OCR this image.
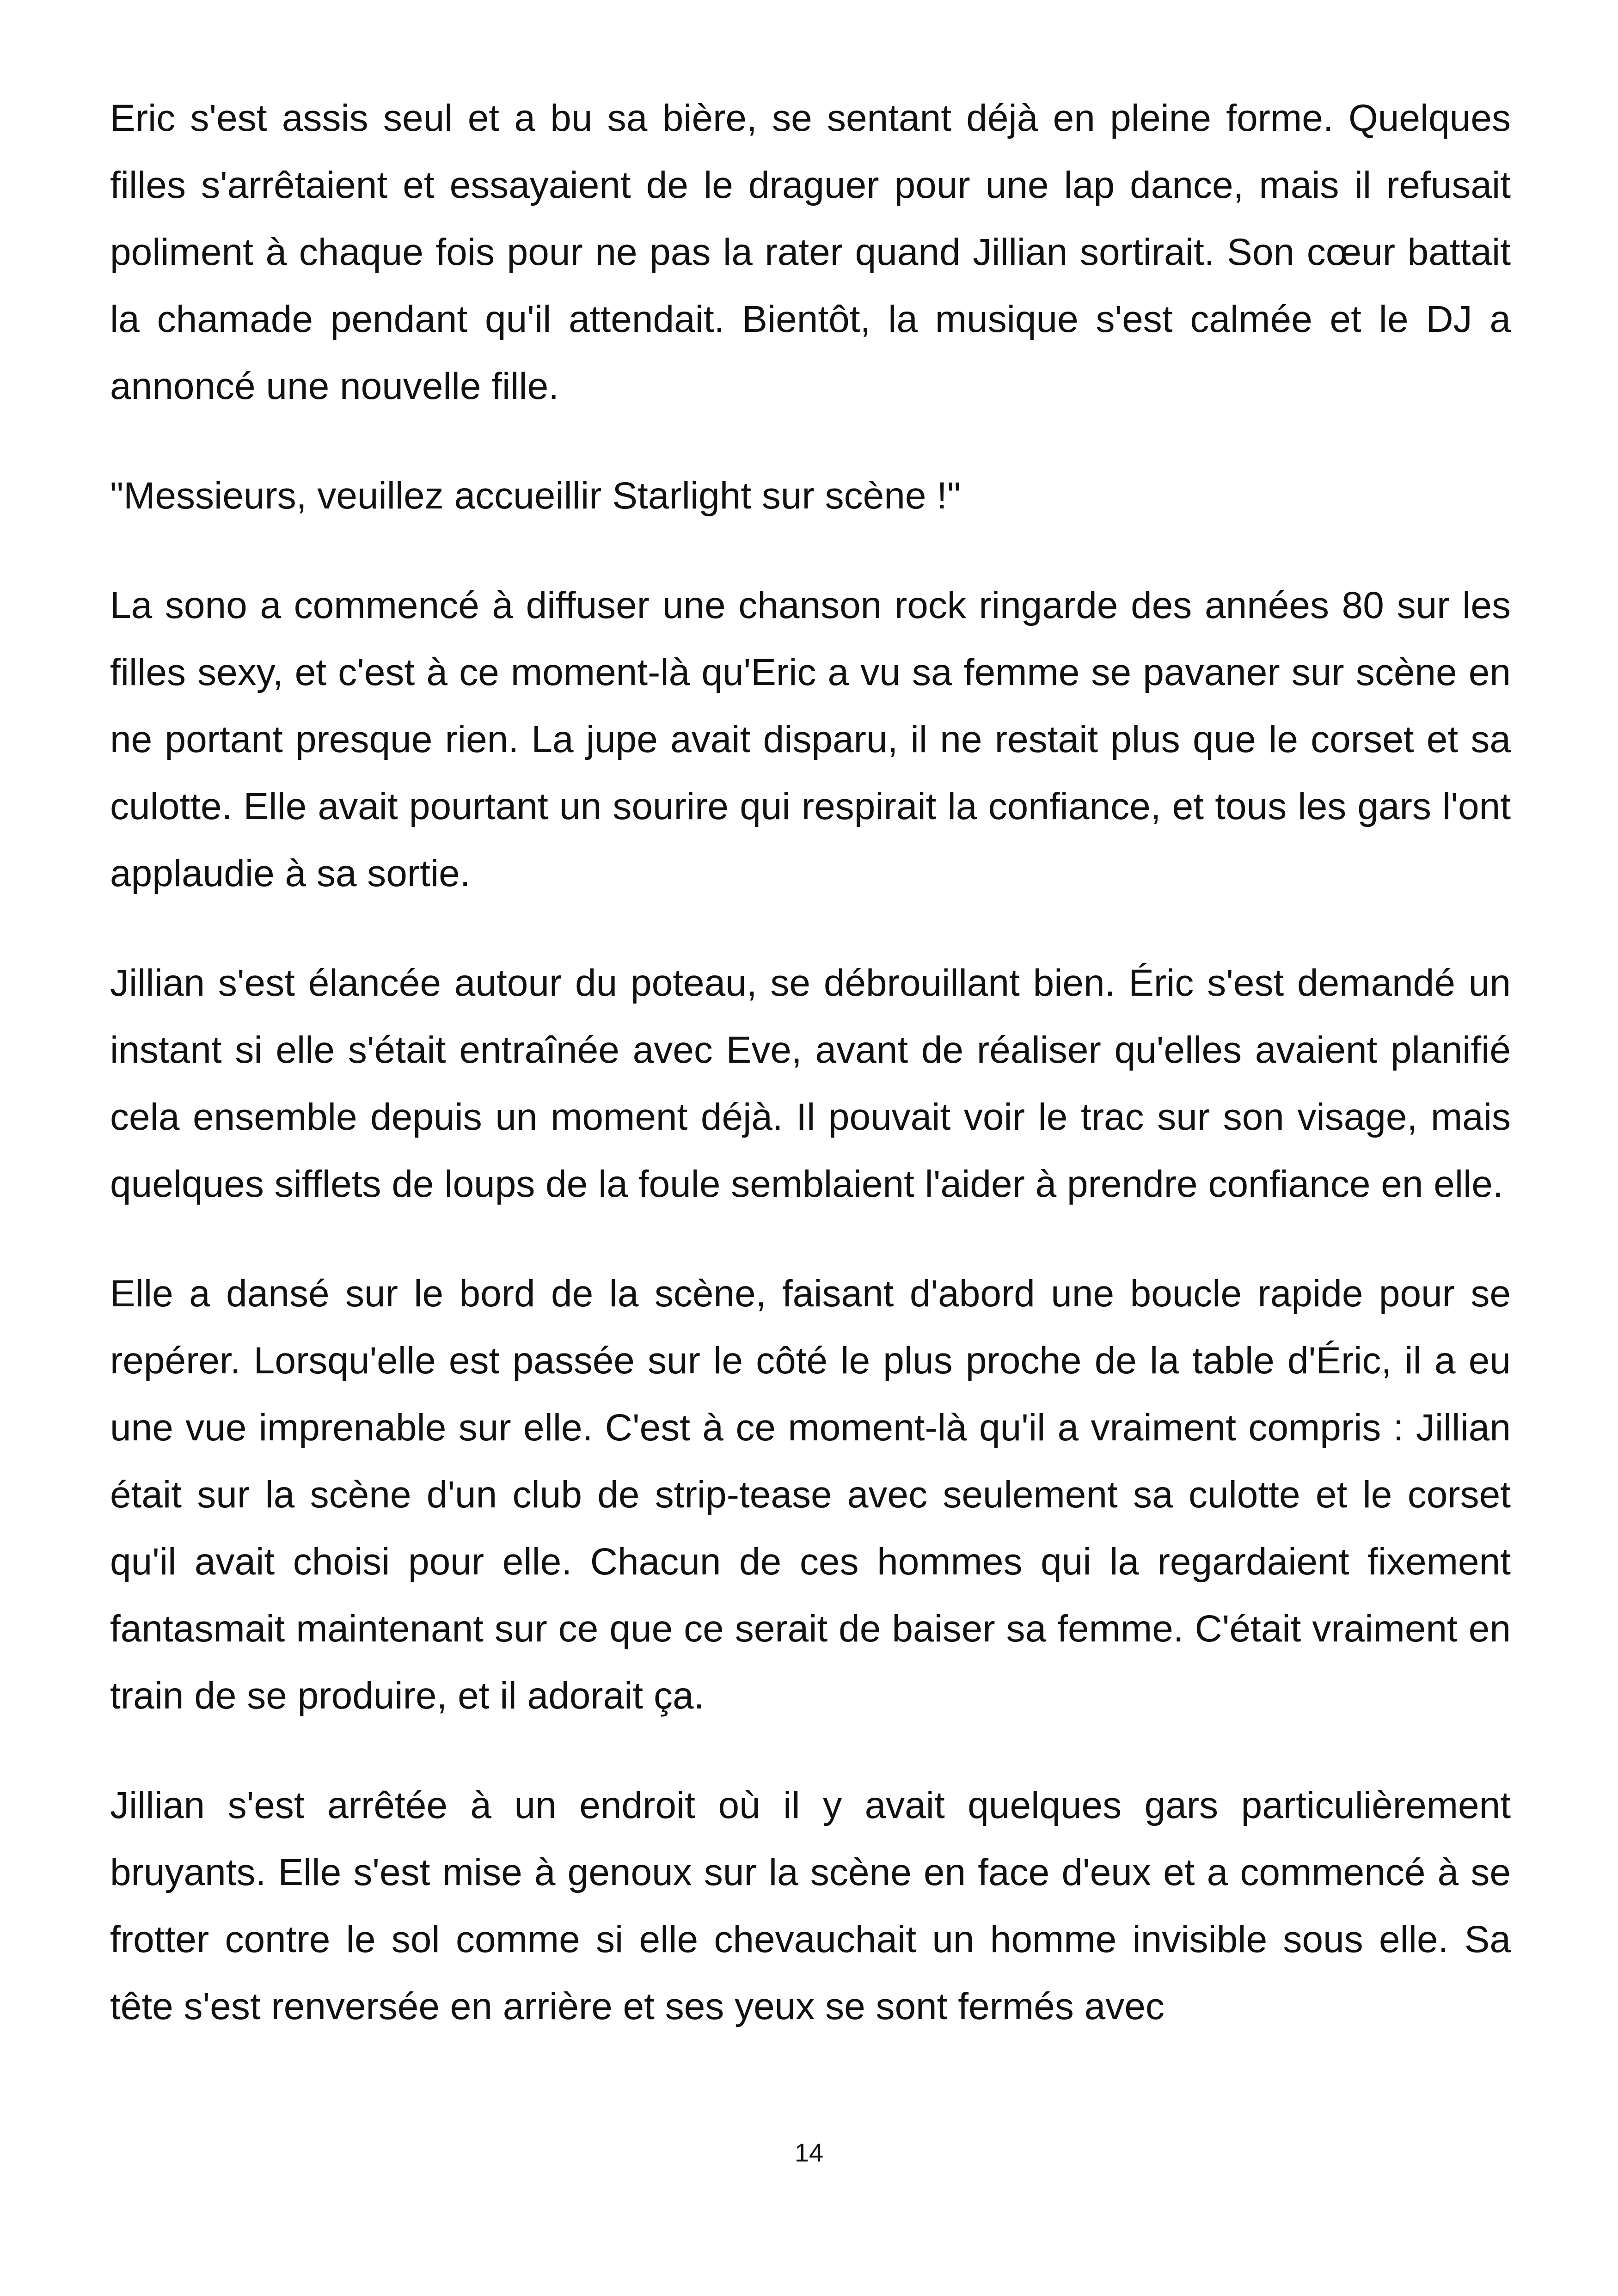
Eric s'est assis seul et a bu sa bière, se sentant déjà en pleine forme. Quelques filles s'arrêtaient et essayaient de le draguer pour une lap dance, mais il refusait poliment à chaque fois pour ne pas la rater quand Jillian sortirait. Son cœur battait la chamade pendant qu'il attendait. Bientôt, la musique s'est calmée et le DJ a annoncé une nouvelle fille.

"Messieurs, veuillez accueillir Starlight sur scène !"

La sono a commencé à diffuser une chanson rock ringarde des années 80 sur les filles sexy, et c'est à ce moment-là qu'Eric a vu sa femme se pavaner sur scène en ne portant presque rien. La jupe avait disparu, il ne restait plus que le corset et sa culotte. Elle avait pourtant un sourire qui respirait la confiance, et tous les gars l'ont applaudie à sa sortie.

Jillian s'est élancée autour du poteau, se débrouillant bien. Éric s'est demandé un instant si elle s'était entraînée avec Eve, avant de réaliser qu'elles avaient planifié cela ensemble depuis un moment déjà. Il pouvait voir le trac sur son visage, mais quelques sifflets de loups de la foule semblaient l'aider à prendre confiance en elle.

Elle a dansé sur le bord de la scène, faisant d'abord une boucle rapide pour se repérer. Lorsqu'elle est passée sur le côté le plus proche de la table d'Éric, il a eu une vue imprenable sur elle. C'est à ce moment-là qu'il a vraiment compris : Jillian était sur la scène d'un club de strip-tease avec seulement sa culotte et le corset qu'il avait choisi pour elle. Chacun de ces hommes qui la regardaient fixement fantasmait maintenant sur ce que ce serait de baiser sa femme. C'était vraiment en train de se produire, et il adorait ça.

Jillian s'est arrêtée à un endroit où il y avait quelques gars particulièrement bruyants. Elle s'est mise à genoux sur la scène en face d'eux et a commencé à se frotter contre le sol comme si elle chevauchait un homme invisible sous elle. Sa tête s'est renversée en arrière et ses yeux se sont fermés avec

14
